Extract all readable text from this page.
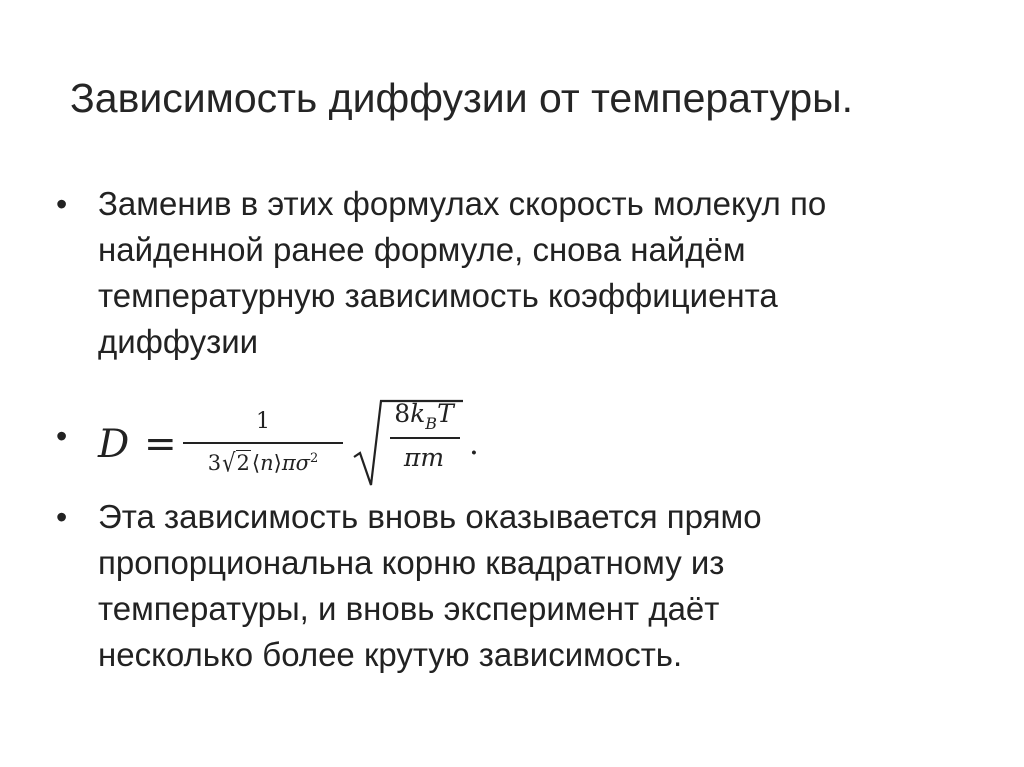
Зависимость диффузии от температуры.
• Заменив в этих формулах скорость молекул по
найденной ранее формуле, снова найдём
температурную зависимость коэффициента
диффузии
• D =
1
$3√2⟨n⟩\pi\sigma^2$
$8k_BT$
πm .
• Эта зависимость вновь оказывается прямо
пропорциональна корню квадратному из
температуры, и вновь эксперимент даёт
несколько более крутую зависимость.
